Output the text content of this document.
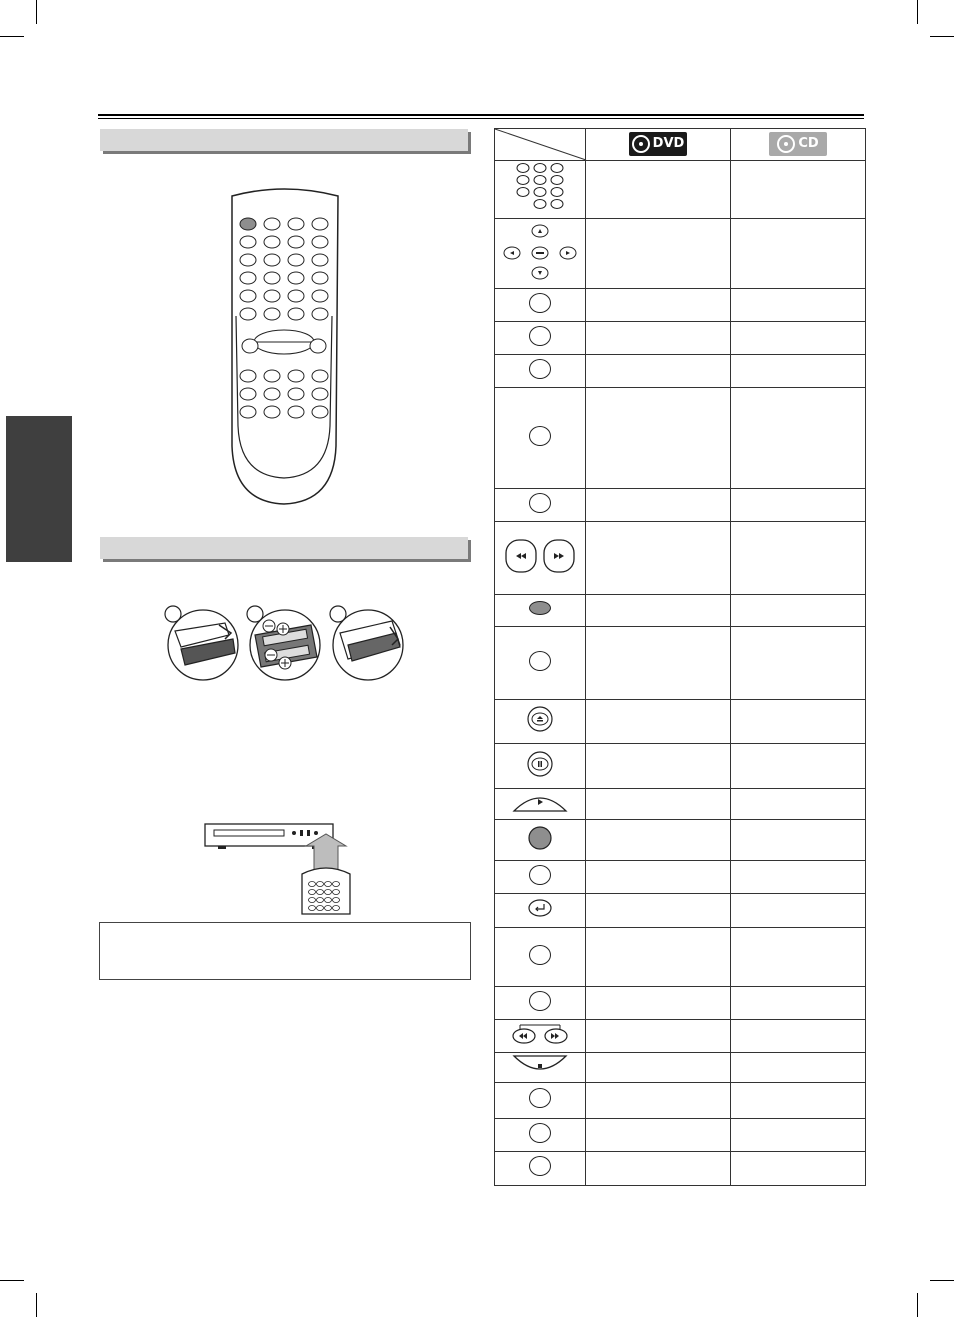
DVD	CD
